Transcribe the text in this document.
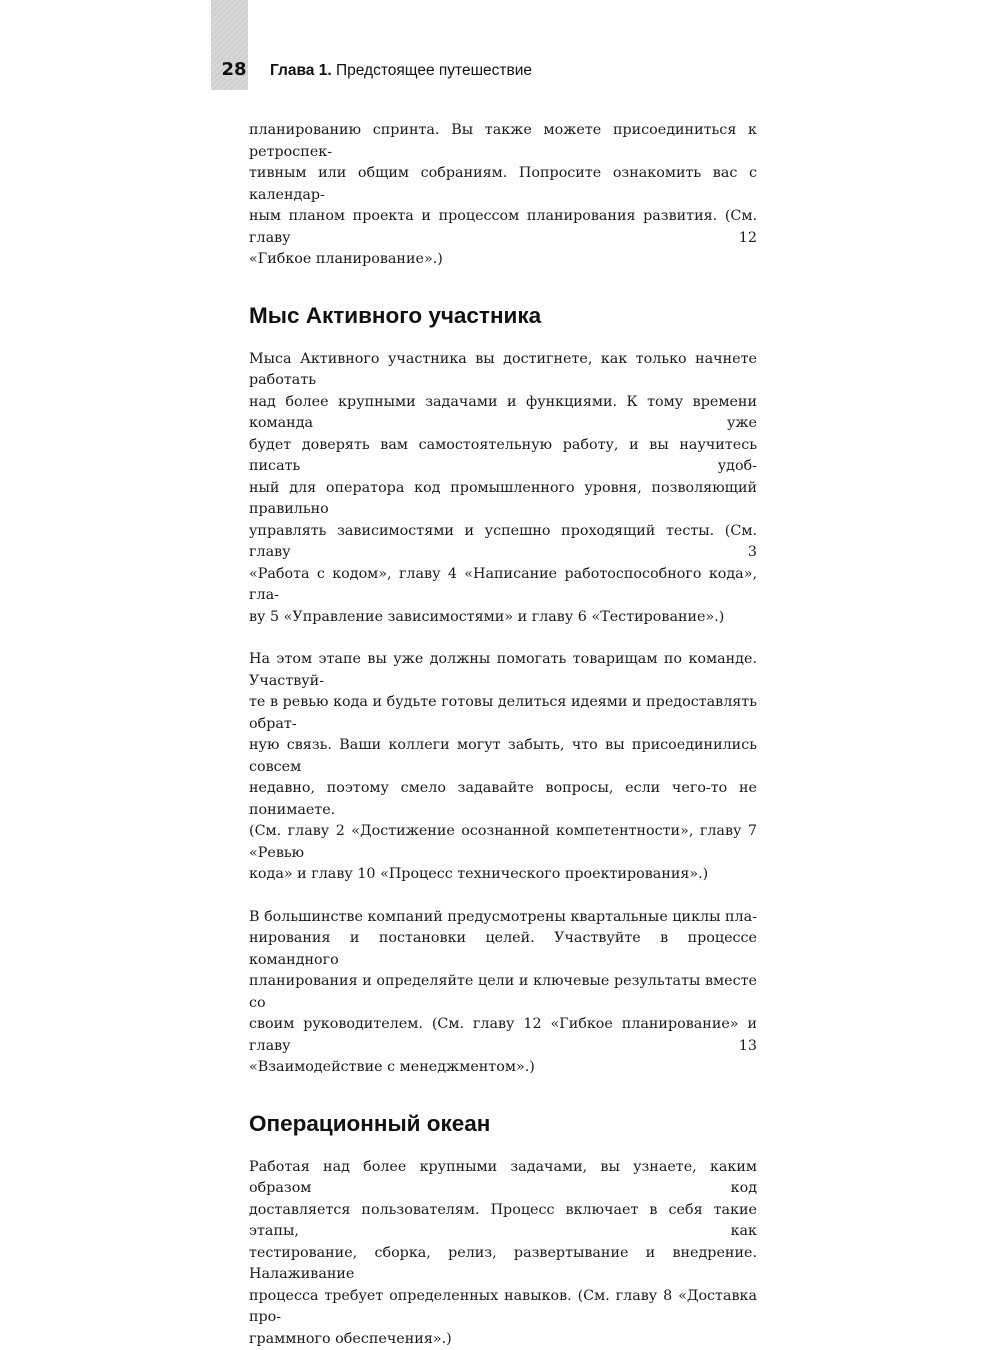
28	Глава 1. Предстоящее путешествие

планированию спринта. Вы также можете присоединиться к ретроспек-
тивным или общим собраниям. Попросите ознакомить вас с календар-
ным планом проекта и процессом планирования развития. (См. главу 12
«Гибкое планирование».)

Мыс Активного участника

Мыса Активного участника вы достигнете, как только начнете работать
над более крупными задачами и функциями. К тому времени команда уже
будет доверять вам самостоятельную работу, и вы научитесь писать удоб-
ный для оператора код промышленного уровня, позволяющий правильно
управлять зависимостями и успешно проходящий тесты. (См. главу 3
«Работа с кодом», главу 4 «Написание работоспособного кода», гла-
ву 5 «Управление зависимостями» и главу 6 «Тестирование».)

На этом этапе вы уже должны помогать товарищам по команде. Участвуй-
те в ревью кода и будьте готовы делиться идеями и предоставлять обрат-
ную связь. Ваши коллеги могут забыть, что вы присоединились совсем
недавно, поэтому смело задавайте вопросы, если чего-то не понимаете.
(См. главу 2 «Достижение осознанной компетентности», главу 7 «Ревью
кода» и главу 10 «Процесс технического проектирования».)

В большинстве компаний предусмотрены квартальные циклы пла-
нирования и постановки целей. Участвуйте в процессе командного
планирования и определяйте цели и ключевые результаты вместе со
своим руководителем. (См. главу 12 «Гибкое планирование» и главу 13
«Взаимодействие с менеджментом».)

Операционный океан

Работая над более крупными задачами, вы узнаете, каким образом код
доставляется пользователям. Процесс включает в себя такие этапы, как
тестирование, сборка, релиз, развертывание и внедрение. Налаживание
процесса требует определенных навыков. (См. главу 8 «Доставка про-
граммного обеспечения».)
